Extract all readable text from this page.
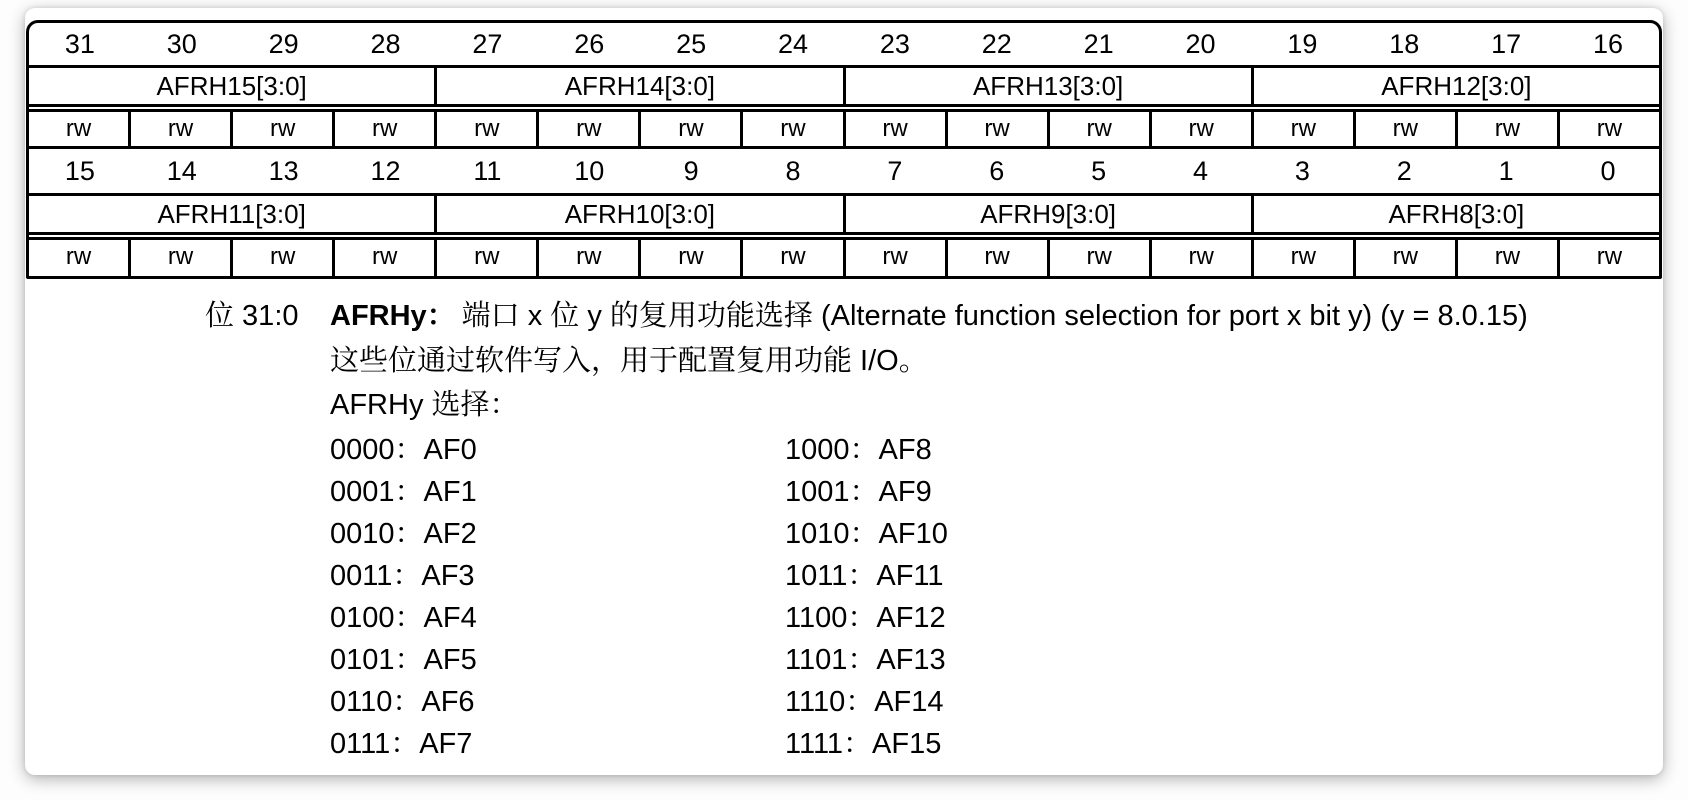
31	30	29	28	27	26	25	24	23	22	21	20	19	18	17	16
AFRH15[3:0]	AFRH14[3:0]	AFRH13[3:0]	AFRH12[3:0]
rw	rw	rw	rw	rw	rw	rw	rw	rw	rw	rw	rw	rw	rw	rw	rw
15	14	13	12	11	10	9	8	7	6	5	4	3	2	1	0
AFRH11[3:0]	AFRH10[3:0]	AFRH9[3:0]	AFRH8[3:0]
rw	rw	rw	rw	rw	rw	rw	rw	rw	rw	rw	rw	rw	rw	rw	rw
位 31:0 AFRHy： 端口 x 位 y 的复用功能选择 (Alternate function selection for port x bit y) (y = 8.0.15)
这些位通过软件写入，用于配置复用功能 I/O。
AFRHy 选择：
0000：AF0
0001：AF1
0010：AF2
0011：AF3
0100：AF4
0101：AF5
0110：AF6
0111：AF7
1000：AF8
1001：AF9
1010：AF10
1011：AF11
1100：AF12
1101：AF13
1110：AF14
1111：AF15
